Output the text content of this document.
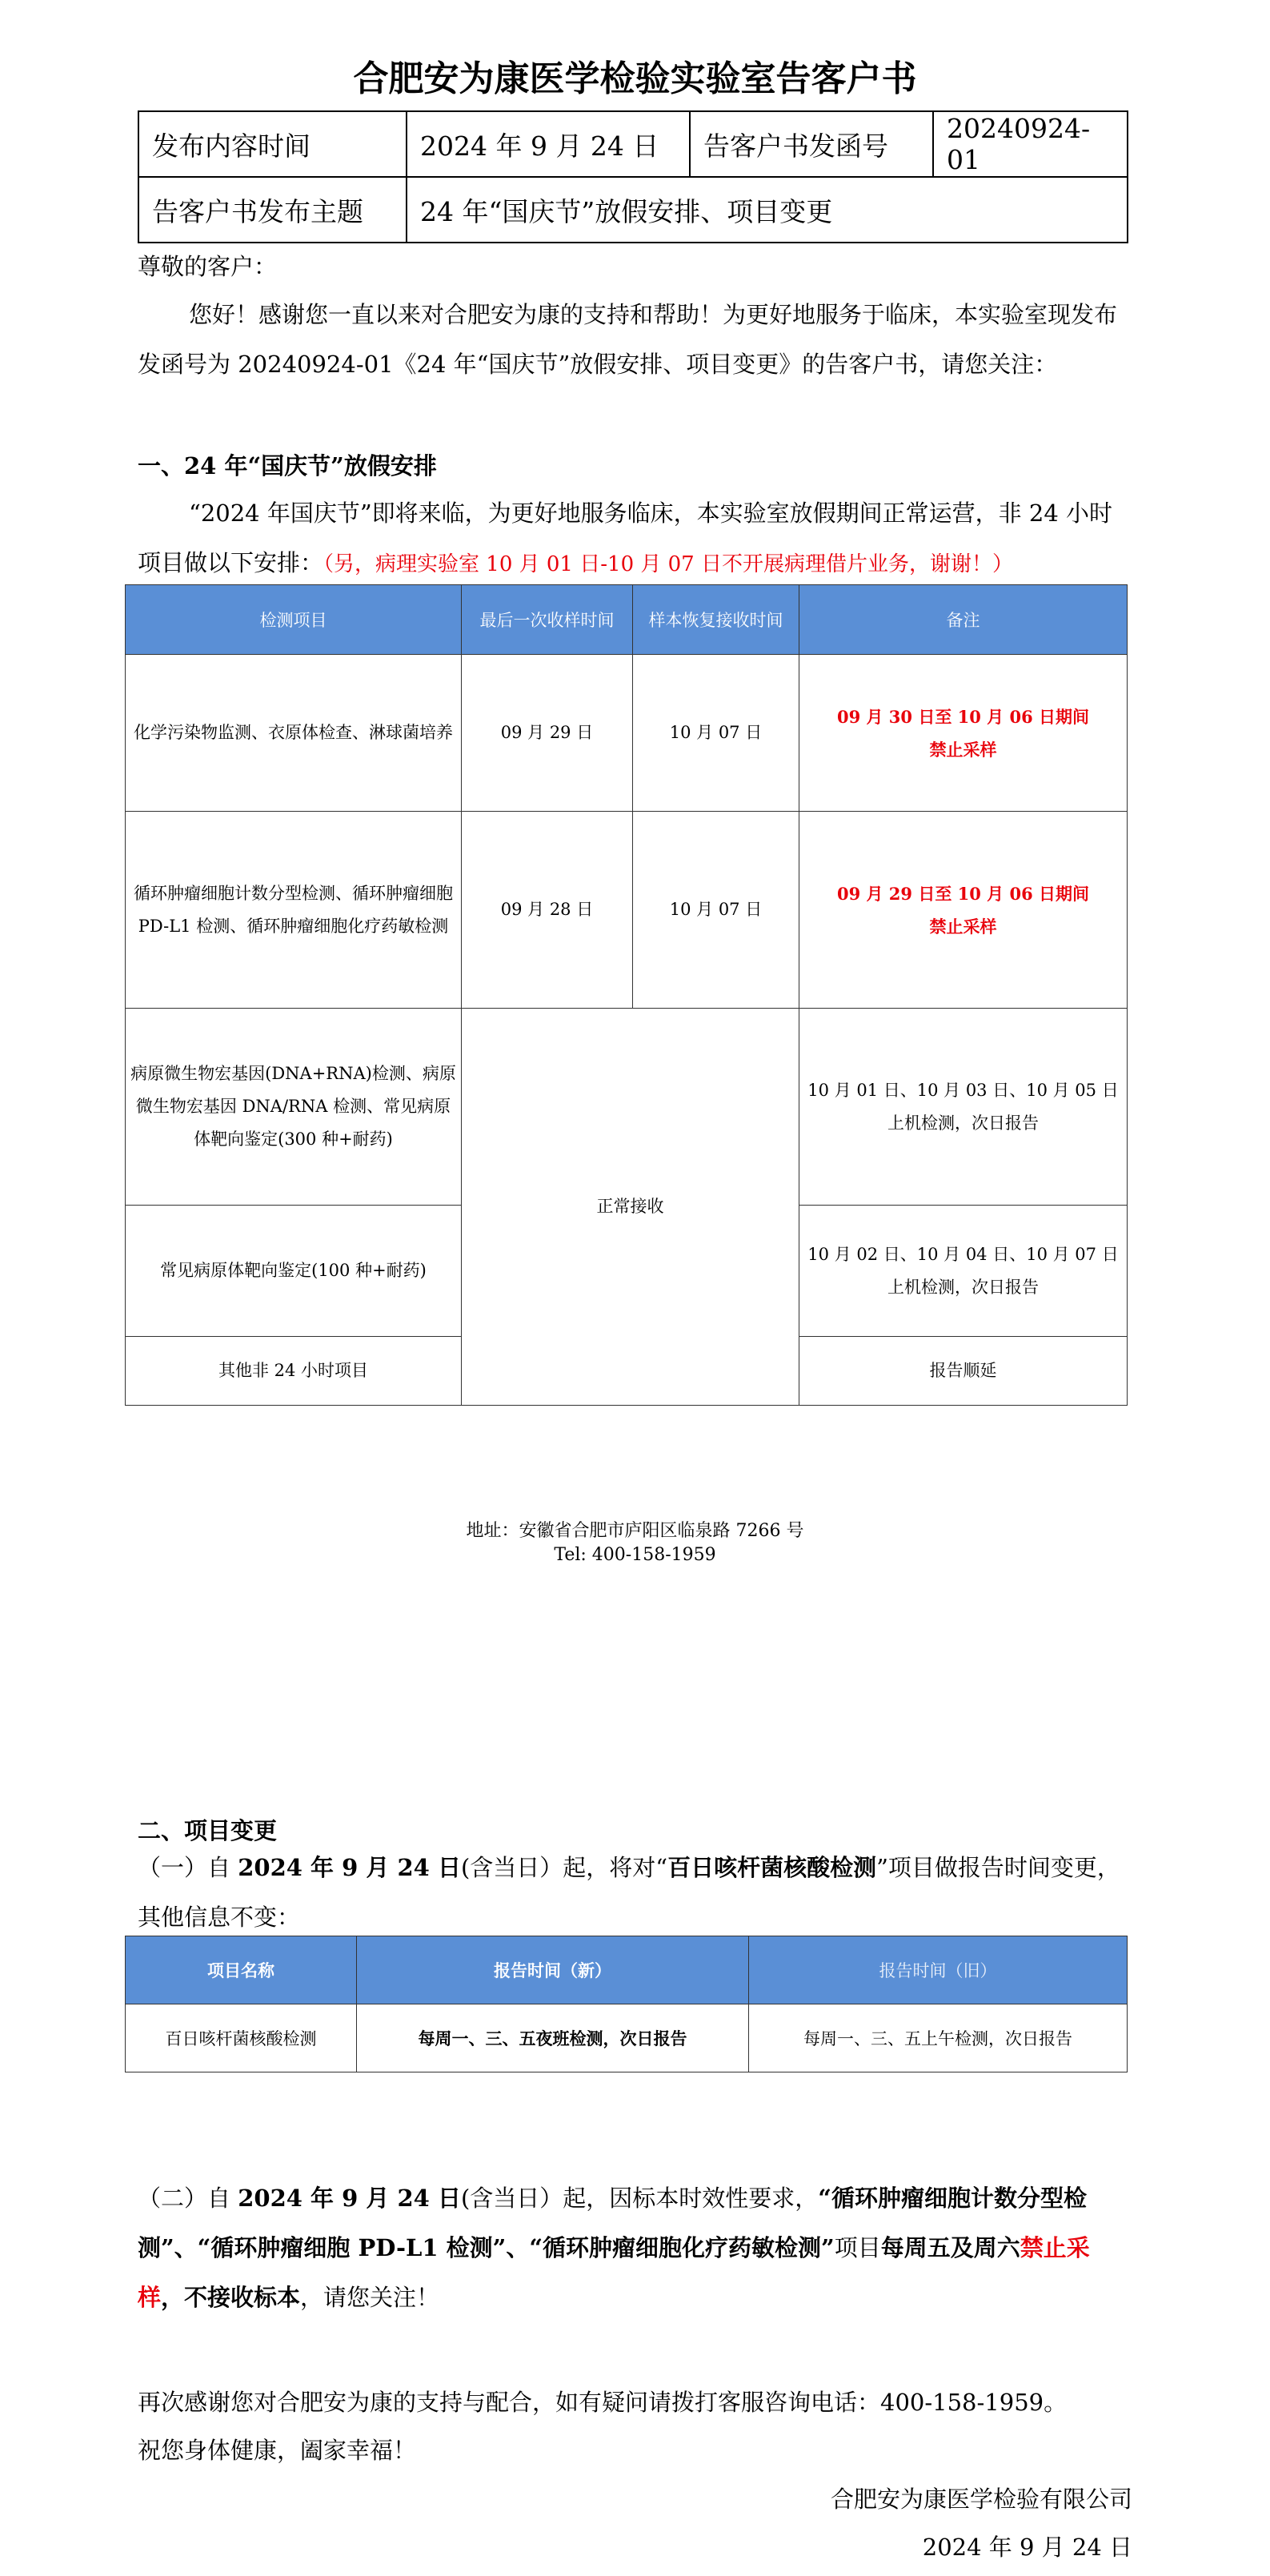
合肥安为康医学检验实验室告客户书
发布内容时间	2024 年 9 月 24 日	告客户书发函号	20240924-01
告客户书发布主题	24 年“国庆节”放假安排、项目变更		
尊敬的客户：
您好！感谢您一直以来对合肥安为康的支持和帮助！为更好地服务于临床，本实验室现发布发函号为 20240924-01《24 年“国庆节”放假安排、项目变更》的告客户书，请您关注：
一、24 年“国庆节”放假安排
“2024 年国庆节”即将来临，为更好地服务临床，本实验室放假期间正常运营，非 24 小时项目做以下安排：（另，病理实验室 10 月 01 日-10 月 07 日不开展病理借片业务，谢谢！）
检测项目	最后一次收样时间	样本恢复接收时间	备注
化学污染物监测、衣原体检查、淋球菌培养	09 月 29 日	10 月 07 日	09 月 30 日至 10 月 06 日期间
禁止采样

循环肿瘤细胞计数分型检测、循环肿瘤细胞 PD-L1 检测、循环肿瘤细胞化疗药敏检测	09 月 28 日	10 月 07 日	09 月 29 日至 10 月 06 日期间
禁止采样

病原微生物宏基因(DNA+RNA)检测、病原微生物宏基因 DNA/RNA 检测、常见病原体靶向鉴定(300 种+耐药)	正常接收		10 月 01 日、10 月 03 日、10 月 05 日上机检测，次日报告
常见病原体靶向鉴定(100 种+耐药)			10 月 02 日、10 月 04 日、10 月 07 日上机检测，次日报告
其他非 24 小时项目			报告顺延
地址：安徽省合肥市庐阳区临泉路 7266 号
Tel: 400-158-1959
二、项目变更
（一）自 2024 年 9 月 24 日(含当日）起，将对“百日咳杆菌核酸检测”项目做报告时间变更，其他信息不变：
项目名称	报告时间（新）	报告时间（旧）
百日咳杆菌核酸检测	每周一、三、五夜班检测，次日报告	每周一、三、五上午检测，次日报告
（二）自 2024 年 9 月 24 日(含当日）起，因标本时效性要求，“循环肿瘤细胞计数分型检测”、“循环肿瘤细胞 PD-L1 检测”、“循环肿瘤细胞化疗药敏检测”项目每周五及周六禁止采样，不接收标本，请您关注！
再次感谢您对合肥安为康的支持与配合，如有疑问请拨打客服咨询电话：400-158-1959。
祝您身体健康，阖家幸福！
合肥安为康医学检验有限公司
2024 年 9 月 24 日
